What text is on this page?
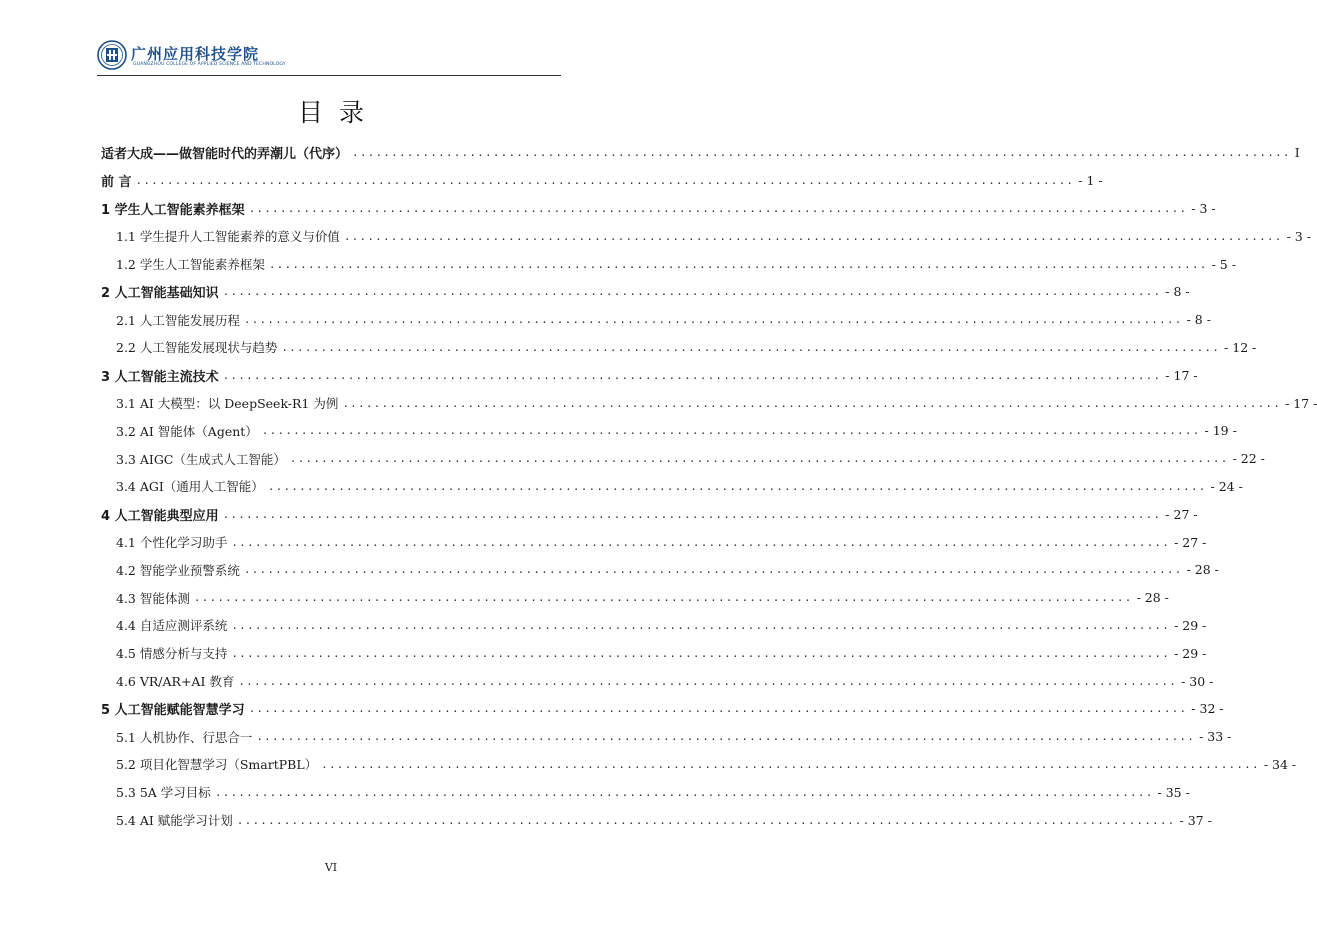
广州应用科技学院
GUANGZHOU COLLEGE OF APPLIED SCIENCE AND TECHNOLOGY
目 录
适者大成——做智能时代的弄潮儿（代序） ........................................................................................................................ I
前 言 ........................................................................................................................ - 1 -
1 学生人工智能素养框架 ........................................................................................................................ - 3 -
1.1 学生提升人工智能素养的意义与价值 ........................................................................................................................ - 3 -
1.2 学生人工智能素养框架 ........................................................................................................................ - 5 -
2 人工智能基础知识 ........................................................................................................................ - 8 -
2.1 人工智能发展历程 ........................................................................................................................ - 8 -
2.2 人工智能发展现状与趋势 ........................................................................................................................ - 12 -
3 人工智能主流技术 ........................................................................................................................ - 17 -
3.1 AI 大模型：以 DeepSeek-R1 为例 ........................................................................................................................ - 17 -
3.2 AI 智能体（Agent） ........................................................................................................................ - 19 -
3.3 AIGC（生成式人工智能） ........................................................................................................................ - 22 -
3.4 AGI（通用人工智能） ........................................................................................................................ - 24 -
4 人工智能典型应用 ........................................................................................................................ - 27 -
4.1 个性化学习助手 ........................................................................................................................ - 27 -
4.2 智能学业预警系统 ........................................................................................................................ - 28 -
4.3 智能体测 ........................................................................................................................ - 28 -
4.4 自适应测评系统 ........................................................................................................................ - 29 -
4.5 情感分析与支持 ........................................................................................................................ - 29 -
4.6 VR/AR+AI 教育 ........................................................................................................................ - 30 -
5 人工智能赋能智慧学习 ........................................................................................................................ - 32 -
5.1 人机协作、行思合一 ........................................................................................................................ - 33 -
5.2 项目化智慧学习（SmartPBL） ........................................................................................................................ - 34 -
5.3 5A 学习目标 ........................................................................................................................ - 35 -
5.4 AI 赋能学习计划 ........................................................................................................................ - 37 -
VI
